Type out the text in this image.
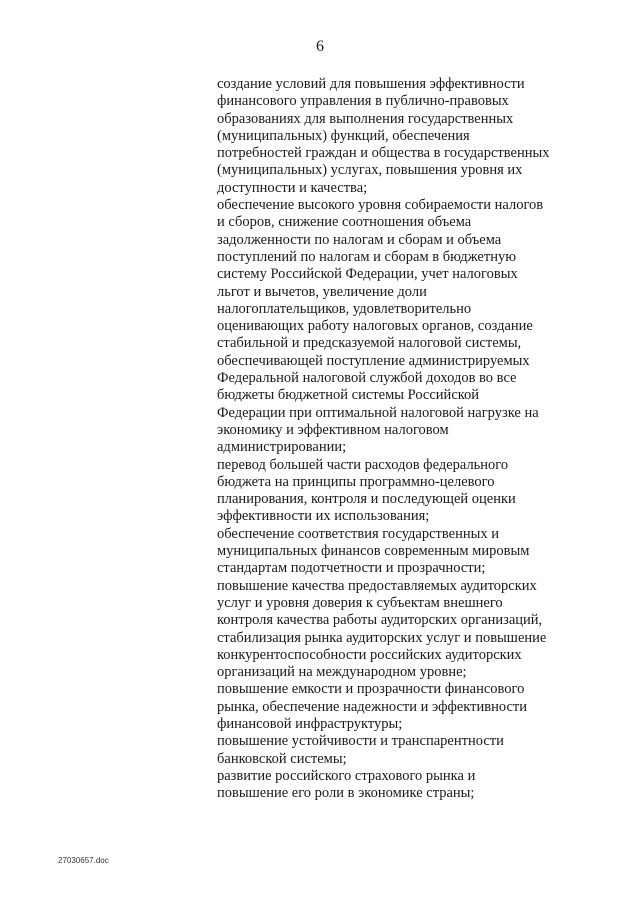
6
создание условий для повышения эффективности
финансового управления в публично-правовых
образованиях для выполнения государственных
(муниципальных) функций, обеспечения
потребностей граждан и общества в государственных
(муниципальных) услугах, повышения уровня их
доступности и качества;
обеспечение высокого уровня собираемости налогов
и сборов, снижение соотношения объема
задолженности по налогам и сборам и объема
поступлений по налогам и сборам в бюджетную
систему Российской Федерации, учет налоговых
льгот и вычетов, увеличение доли
налогоплательщиков, удовлетворительно
оценивающих работу налоговых органов, создание
стабильной и предсказуемой налоговой системы,
обеспечивающей поступление администрируемых
Федеральной налоговой службой доходов во все
бюджеты бюджетной системы Российской
Федерации при оптимальной налоговой нагрузке на
экономику и эффективном налоговом
администрировании;
перевод большей части расходов федерального
бюджета на принципы программно-целевого
планирования, контроля и последующей оценки
эффективности их использования;
обеспечение соответствия государственных и
муниципальных финансов современным мировым
стандартам подотчетности и прозрачности;
повышение качества предоставляемых аудиторских
услуг и уровня доверия к субъектам внешнего
контроля качества работы аудиторских организаций,
стабилизация рынка аудиторских услуг и повышение
конкурентоспособности российских аудиторских
организаций на международном уровне;
повышение емкости и прозрачности финансового
рынка, обеспечение надежности и эффективности
финансовой инфраструктуры;
повышение устойчивости и транспарентности
банковской системы;
развитие российского страхового рынка и
повышение его роли в экономике страны;
27030657.doc
